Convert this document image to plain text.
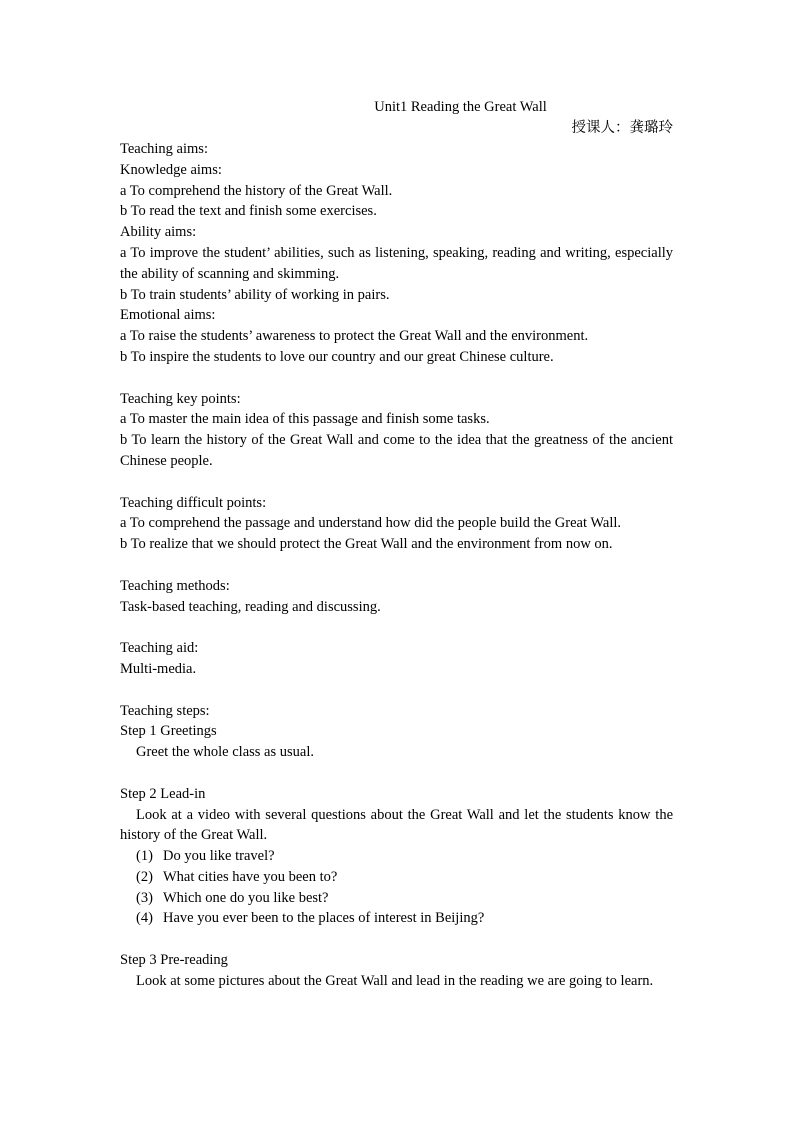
Unit1 Reading the Great Wall
授课人：龚璐玲
Teaching aims:
Knowledge aims:
a To comprehend the history of the Great Wall.
b To read the text and finish some exercises.
Ability aims:
a To improve the student’ abilities, such as listening, speaking, reading and writing, especially the ability of scanning and skimming.
b To train students’ ability of working in pairs.
Emotional aims:
a To raise the students’ awareness to protect the Great Wall and the environment.
b To inspire the students to love our country and our great Chinese culture.
Teaching key points:
a To master the main idea of this passage and finish some tasks.
b To learn the history of the Great Wall and come to the idea that the greatness of the ancient Chinese people.
Teaching difficult points:
a To comprehend the passage and understand how did the people build the Great Wall.
b To realize that we should protect the Great Wall and the environment from now on.
Teaching methods:
Task-based teaching, reading and discussing.
Teaching aid:
Multi-media.
Teaching steps:
Step 1 Greetings
Greet the whole class as usual.
Step 2 Lead-in
Look at a video with several questions about the Great Wall and let the students know the history of the Great Wall.
(1) Do you like travel?
(2) What cities have you been to?
(3) Which one do you like best?
(4) Have you ever been to the places of interest in Beijing?
Step 3 Pre-reading
Look at some pictures about the Great Wall and lead in the reading we are going to learn.
